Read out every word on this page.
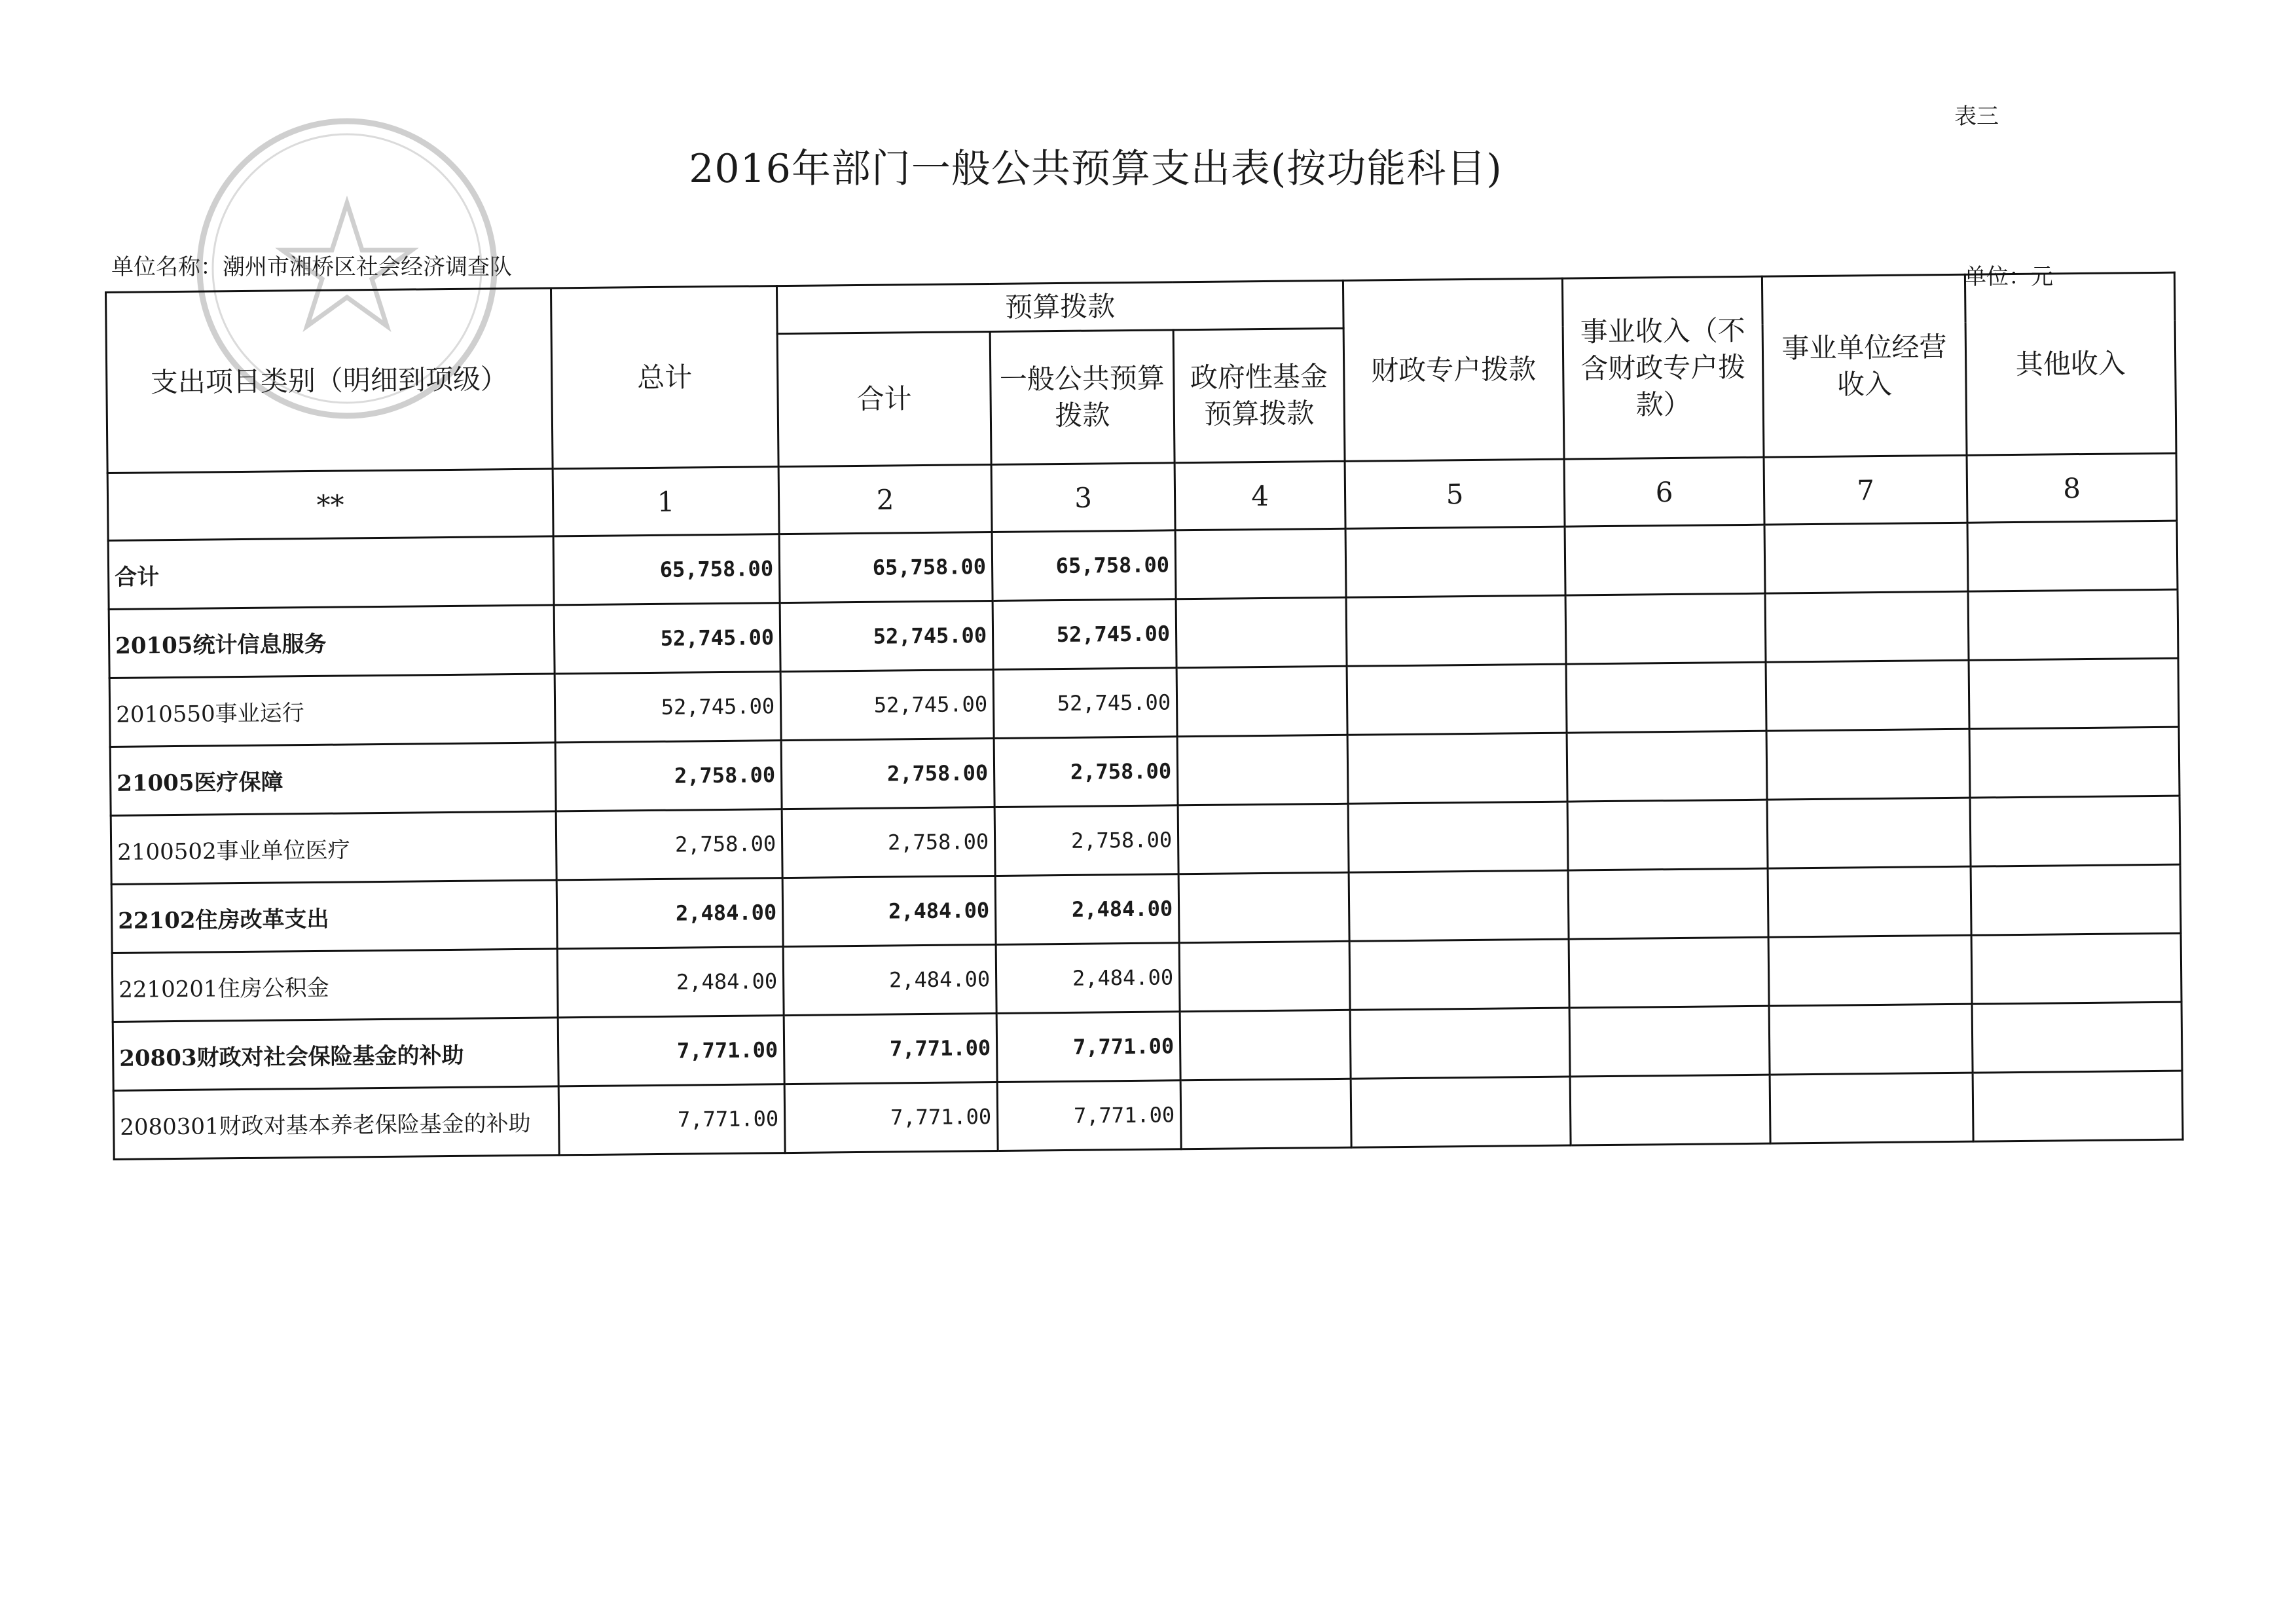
表三
2016年部门一般公共预算支出表(按功能科目)
单位名称：潮州市湘桥区社会经济调查队	单位：元
支出项目类别（明细到项级）	总计	预算拨款			财政专户拨款	事业收入（不含财政专户拨款）	事业单位经营收入	其他收入
		合计	一般公共预算拨款	政府性基金预算拨款				
**	1	2	3	4	5	6	7	8
合计	65,758.00	65,758.00	65,758.00					
20105统计信息服务	52,745.00	52,745.00	52,745.00					
2010550事业运行	52,745.00	52,745.00	52,745.00					
21005医疗保障	2,758.00	2,758.00	2,758.00					
2100502事业单位医疗	2,758.00	2,758.00	2,758.00					
22102住房改革支出	2,484.00	2,484.00	2,484.00					
2210201住房公积金	2,484.00	2,484.00	2,484.00					
20803财政对社会保险基金的补助	7,771.00	7,771.00	7,771.00					
2080301财政对基本养老保险基金的补助	7,771.00	7,771.00	7,771.00					
